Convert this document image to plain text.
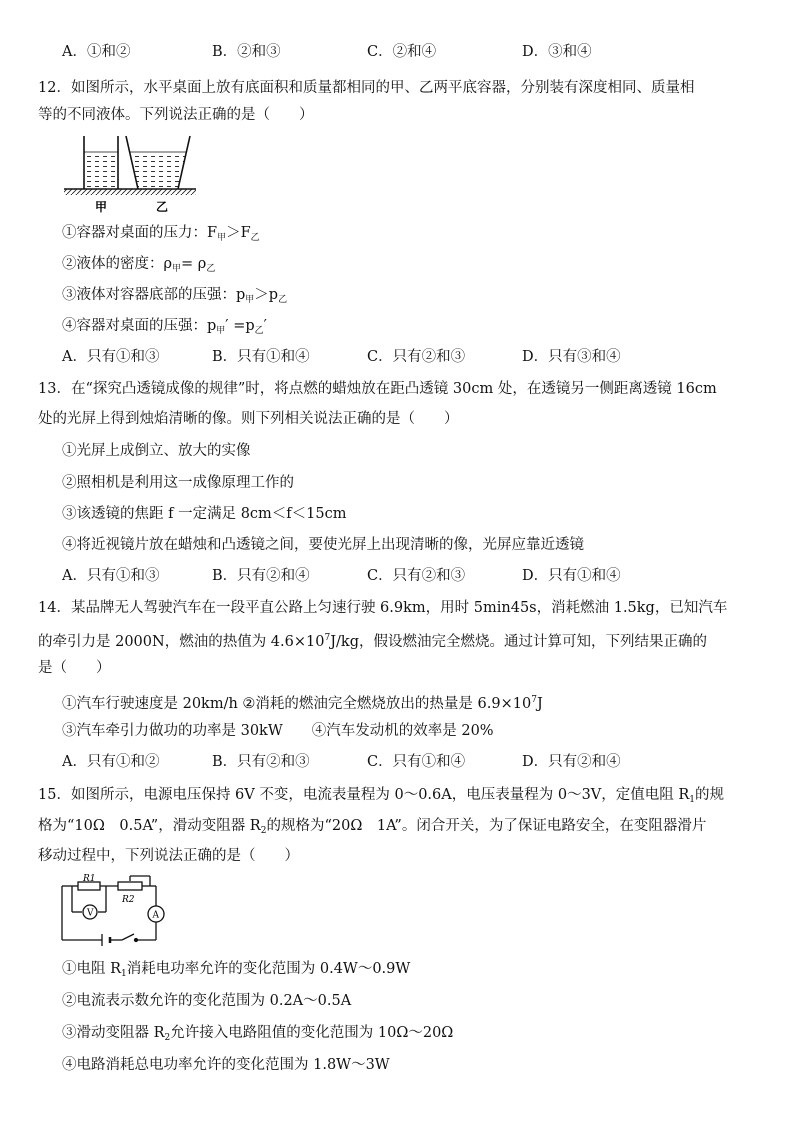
A．①和②	B．②和③	C．②和④	D．③和④
12．如图所示，水平桌面上放有底面积和质量都相同的甲、乙两平底容器，分别装有深度相同、质量相
等的不同液体。下列说法正确的是（　　）
甲	乙
①容器对桌面的压力：$F_甲>F_乙$
②液体的密度：$\rho_甲= \rho_乙$
③液体对容器底部的压强：$p_甲>p_乙$
④容器对桌面的压强：$p_甲' =p_乙'$
A．只有①和③	B．只有①和④	C．只有②和③	D．只有③和④
13．在“探究凸透镜成像的规律”时，将点燃的蜡烛放在距凸透镜 30cm 处，在透镜另一侧距离透镜 16cm
处的光屏上得到烛焰清晰的像。则下列相关说法正确的是（　　）
①光屏上成倒立、放大的实像
②照相机是利用这一成像原理工作的
③该透镜的焦距 f 一定满足 8cm＜f＜15cm
④将近视镜片放在蜡烛和凸透镜之间，要使光屏上出现清晰的像，光屏应靠近透镜
A．只有①和③	B．只有②和④	C．只有②和③	D．只有①和④
14．某品牌无人驾驶汽车在一段平直公路上匀速行驶 6.9km，用时 5min45s，消耗燃油 1.5kg，已知汽车
的牵引力是 2000N，燃油的热值为 $4.6\times 10^7J/kg$，假设燃油完全燃烧。通过计算可知，下列结果正确的
是（　　）
①汽车行驶速度是 20km/h ②消耗的燃油完全燃烧放出的热量是 $6.9\times 10^7J$
③汽车牵引力做功的功率是 30kW　　④汽车发动机的效率是 20%
A．只有①和②	B．只有②和③	C．只有①和④	D．只有②和④
15．如图所示，电源电压保持 6V 不变，电流表量程为 0～0.6A，电压表量程为 0～3V，定值电阻 $R_1$的规
格为“10Ω　0.5A”，滑动变阻器 $R_2$的规格为“20Ω　1A”。闭合开关，为了保证电路安全，在变阻器滑片
移动过程中，下列说法正确的是（　　）
R1
R2
V	A
①电阻 $R_1$消耗电功率允许的变化范围为 0.4W～0.9W
②电流表示数允许的变化范围为 0.2A～0.5A
③滑动变阻器 $R_2$允许接入电路阻值的变化范围为 10Ω～20Ω
④电路消耗总电功率允许的变化范围为 1.8W～3W
